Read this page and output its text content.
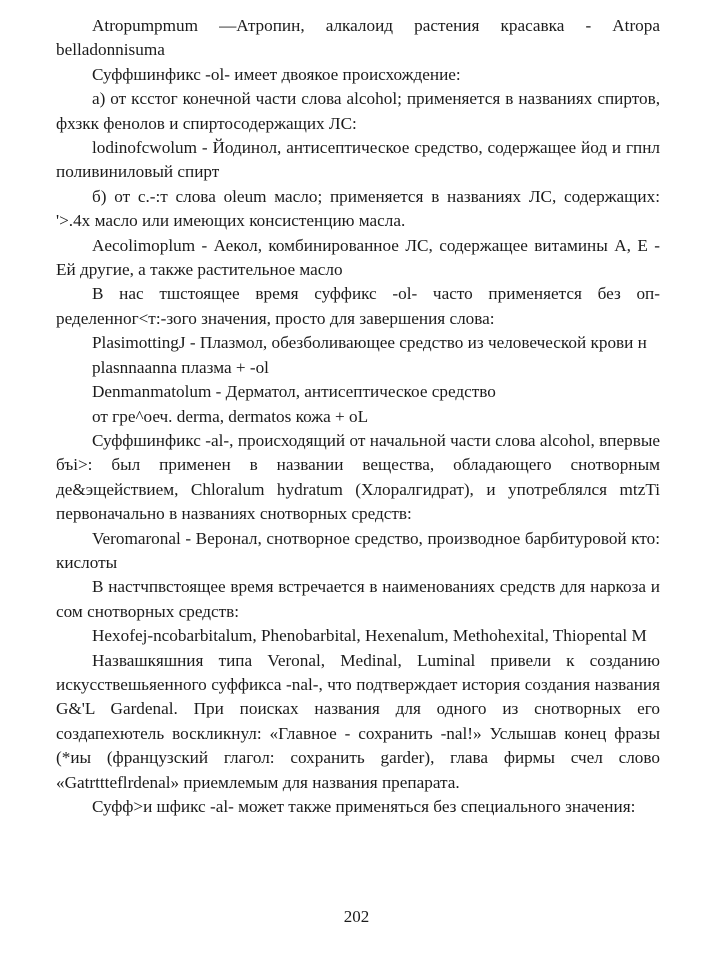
Atropumpmum —Атропин, алкалоид растения красавка - Atropa belladonnisuma

Суффшинфикс -ol- имеет двоякое происхождение:

а) от кcстог конечной части слова alcohol; применяется в названиях спиртов, фхзкк фенолов и спиртосодержащих ЛС:

lodinofcwolum - Йодинол, антисептическое средство, содержащее йод и гпнл поливиниловый спирт

б) от с.-:т слова oleum масло; применяется в названиях ЛС, содержащих: '>.4х масло или имеющих консистенцию масла.

Aecolimoplum - Аекол, комбинированное ЛС, содержащее витамины А, Е - Ей другие, а также растительное масло

В нас тшстоящее время суффикс -ol- часто применяется без определенног<т:-зого значения, просто для завершения слова:

PlasimottingJ - Плазмол, обезболивающее средство из человеческой крови н

plasnnaanna плазма + -ol

Denmanmatolum - Дерматол, антисептическое средство

от гре^оеч. derma, dermatos кожа + оL

Суффшинфикс -al-, происходящий от начальной части слова alcohol, впервые бъі>: был применен в названии вещества, обладающего снотворным де&эщействием, Chloralum hydratum (Хлоралгидрат), и употреблялся mtzTi первоначально в названиях снотворных средств:

Veromaronal - Веронал, снотворное средство, производное барбитуровой кто: кислоты

В настчпвстоящее время встречается в наименованиях средств для наркоза и сом снотворных средств:

Hexofej-ncobarbitalum, Phenobarbital, Hexenalum, Methohexital, Thiopental М

Назвашкяшния типа Veronal, Medinal, Luminal привели к созданию искусствешьяенного суффикса -nal-, что подтверждает история создания названия G&'L Gardenal. При поисках названия для одного из снотворных его создапехютель воскликнул: «Главное - сохранить -nal!» Услышав конец фразы (*иы (французский глагол: сохранить garder), глава фирмы счел слово «Gatrttteflrdenal» приемлемым для названия препарата.

Суфф>и шфикс -al- может также применяться без специального значения:

202
